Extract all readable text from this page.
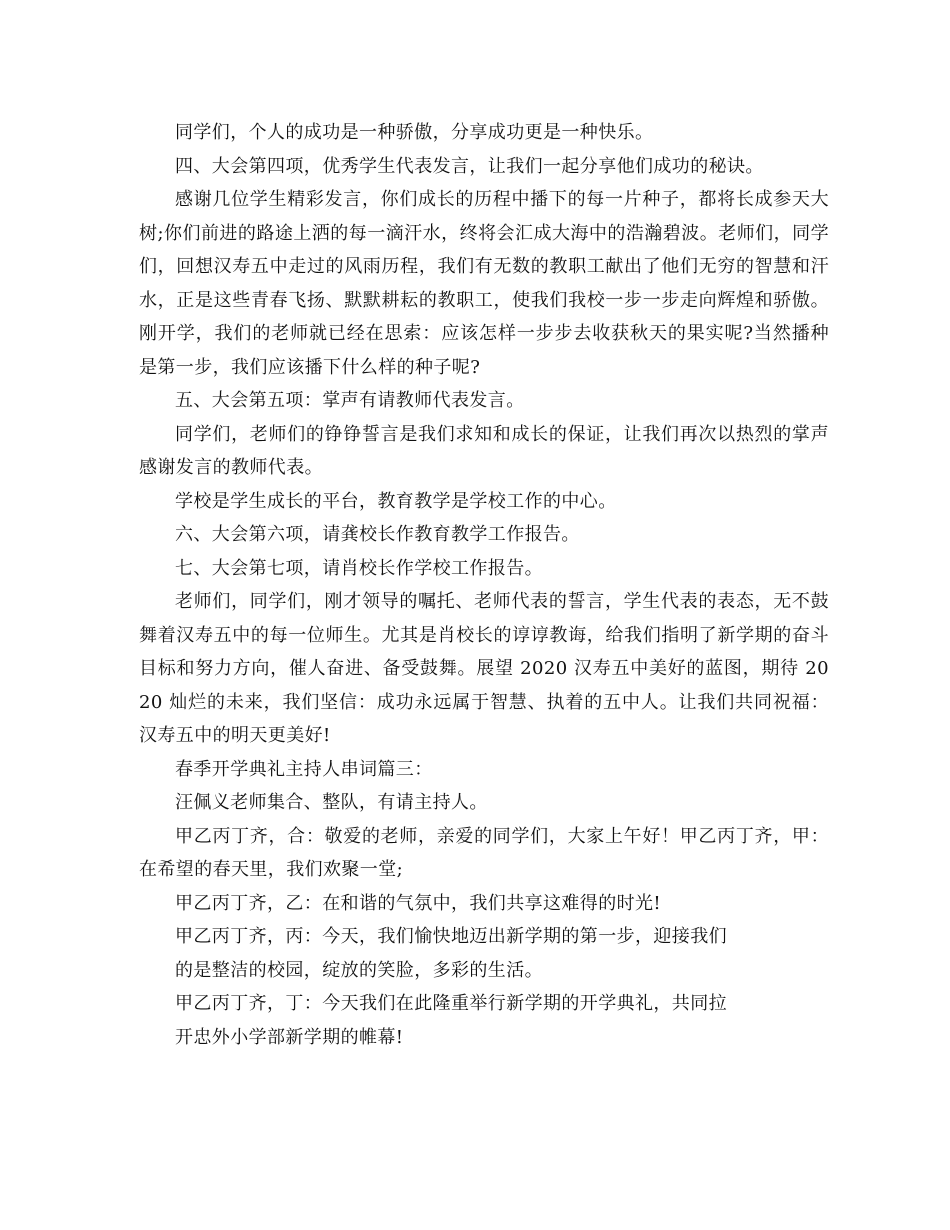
同学们，个人的成功是一种骄傲，分享成功更是一种快乐。

四、大会第四项，优秀学生代表发言，让我们一起分享他们成功的秘诀。

感谢几位学生精彩发言，你们成长的历程中播下的每一片种子，都将长成参天大树;你们前进的路途上洒的每一滴汗水，终将会汇成大海中的浩瀚碧波。老师们，同学们，回想汉寿五中走过的风雨历程，我们有无数的教职工献出了他们无穷的智慧和汗水，正是这些青春飞扬、默默耕耘的教职工，使我们我校一步一步走向辉煌和骄傲。刚开学，我们的老师就已经在思索：应该怎样一步步去收获秋天的果实呢?当然播种是第一步，我们应该播下什么样的种子呢?

五、大会第五项：掌声有请教师代表发言。

同学们，老师们的铮铮誓言是我们求知和成长的保证，让我们再次以热烈的掌声感谢发言的教师代表。

学校是学生成长的平台，教育教学是学校工作的中心。

六、大会第六项，请龚校长作教育教学工作报告。

七、大会第七项，请肖校长作学校工作报告。

老师们，同学们，刚才领导的嘱托、老师代表的誓言，学生代表的表态，无不鼓舞着汉寿五中的每一位师生。尤其是肖校长的谆谆教诲，给我们指明了新学期的奋斗目标和努力方向，催人奋进、备受鼓舞。展望 2020 汉寿五中美好的蓝图，期待 2020 灿烂的未来，我们坚信：成功永远属于智慧、执着的五中人。让我们共同祝福：汉寿五中的明天更美好!

春季开学典礼主持人串词篇三：

汪佩义老师集合、整队，有请主持人。

甲乙丙丁齐，合：敬爱的老师，亲爱的同学们，大家上午好！甲乙丙丁齐，甲：在希望的春天里，我们欢聚一堂;

甲乙丙丁齐，乙：在和谐的气氛中，我们共享这难得的时光!

甲乙丙丁齐，丙：今天，我们愉快地迈出新学期的第一步，迎接我们

的是整洁的校园，绽放的笑脸，多彩的生活。

甲乙丙丁齐，丁：今天我们在此隆重举行新学期的开学典礼，共同拉

开忠外小学部新学期的帷幕!
